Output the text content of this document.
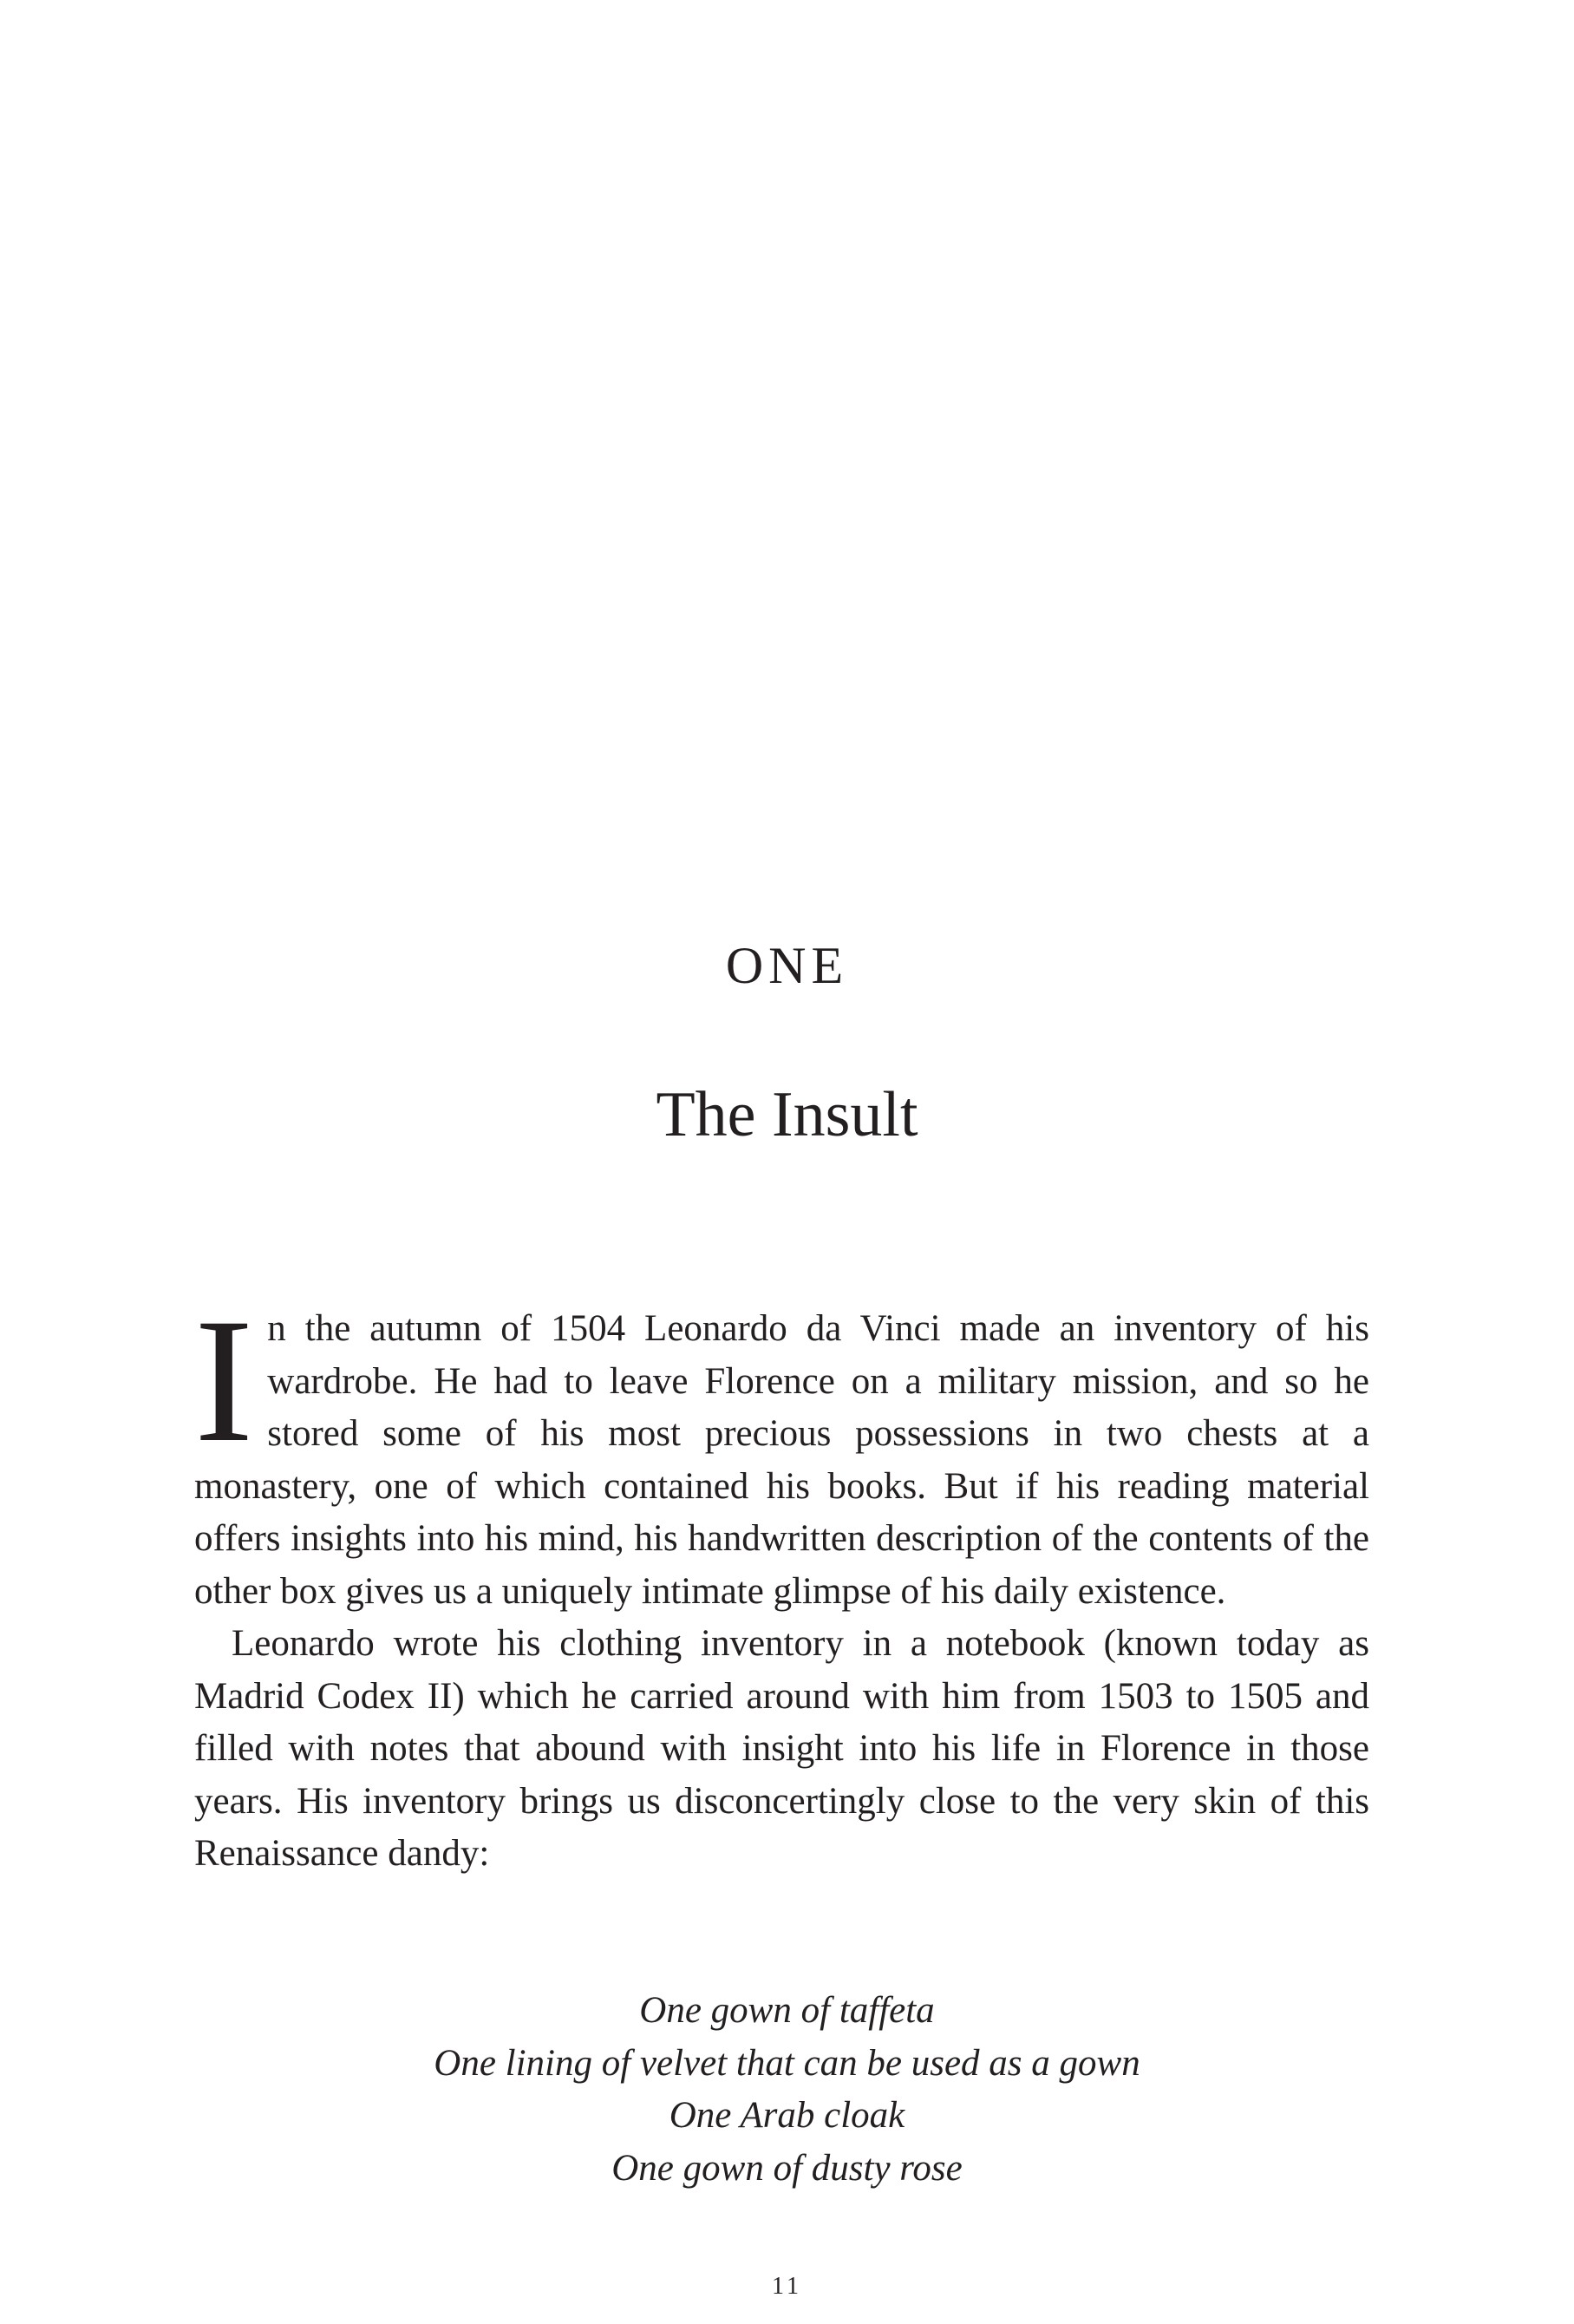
ONE
The Insult

In the autumn of 1504 Leonardo da Vinci made an inventory of his wardrobe. He had to leave Florence on a military mission, and so he stored some of his most precious possessions in two chests at a monastery, one of which contained his books. But if his reading material offers insights into his mind, his handwritten description of the contents of the other box gives us a uniquely intimate glimpse of his daily existence.

Leonardo wrote his clothing inventory in a notebook (known today as Madrid Codex II) which he carried around with him from 1503 to 1505 and filled with notes that abound with insight into his life in Florence in those years. His inventory brings us disconcertingly close to the very skin of this Renaissance dandy:

One gown of taffeta
One lining of velvet that can be used as a gown
One Arab cloak
One gown of dusty rose
11
